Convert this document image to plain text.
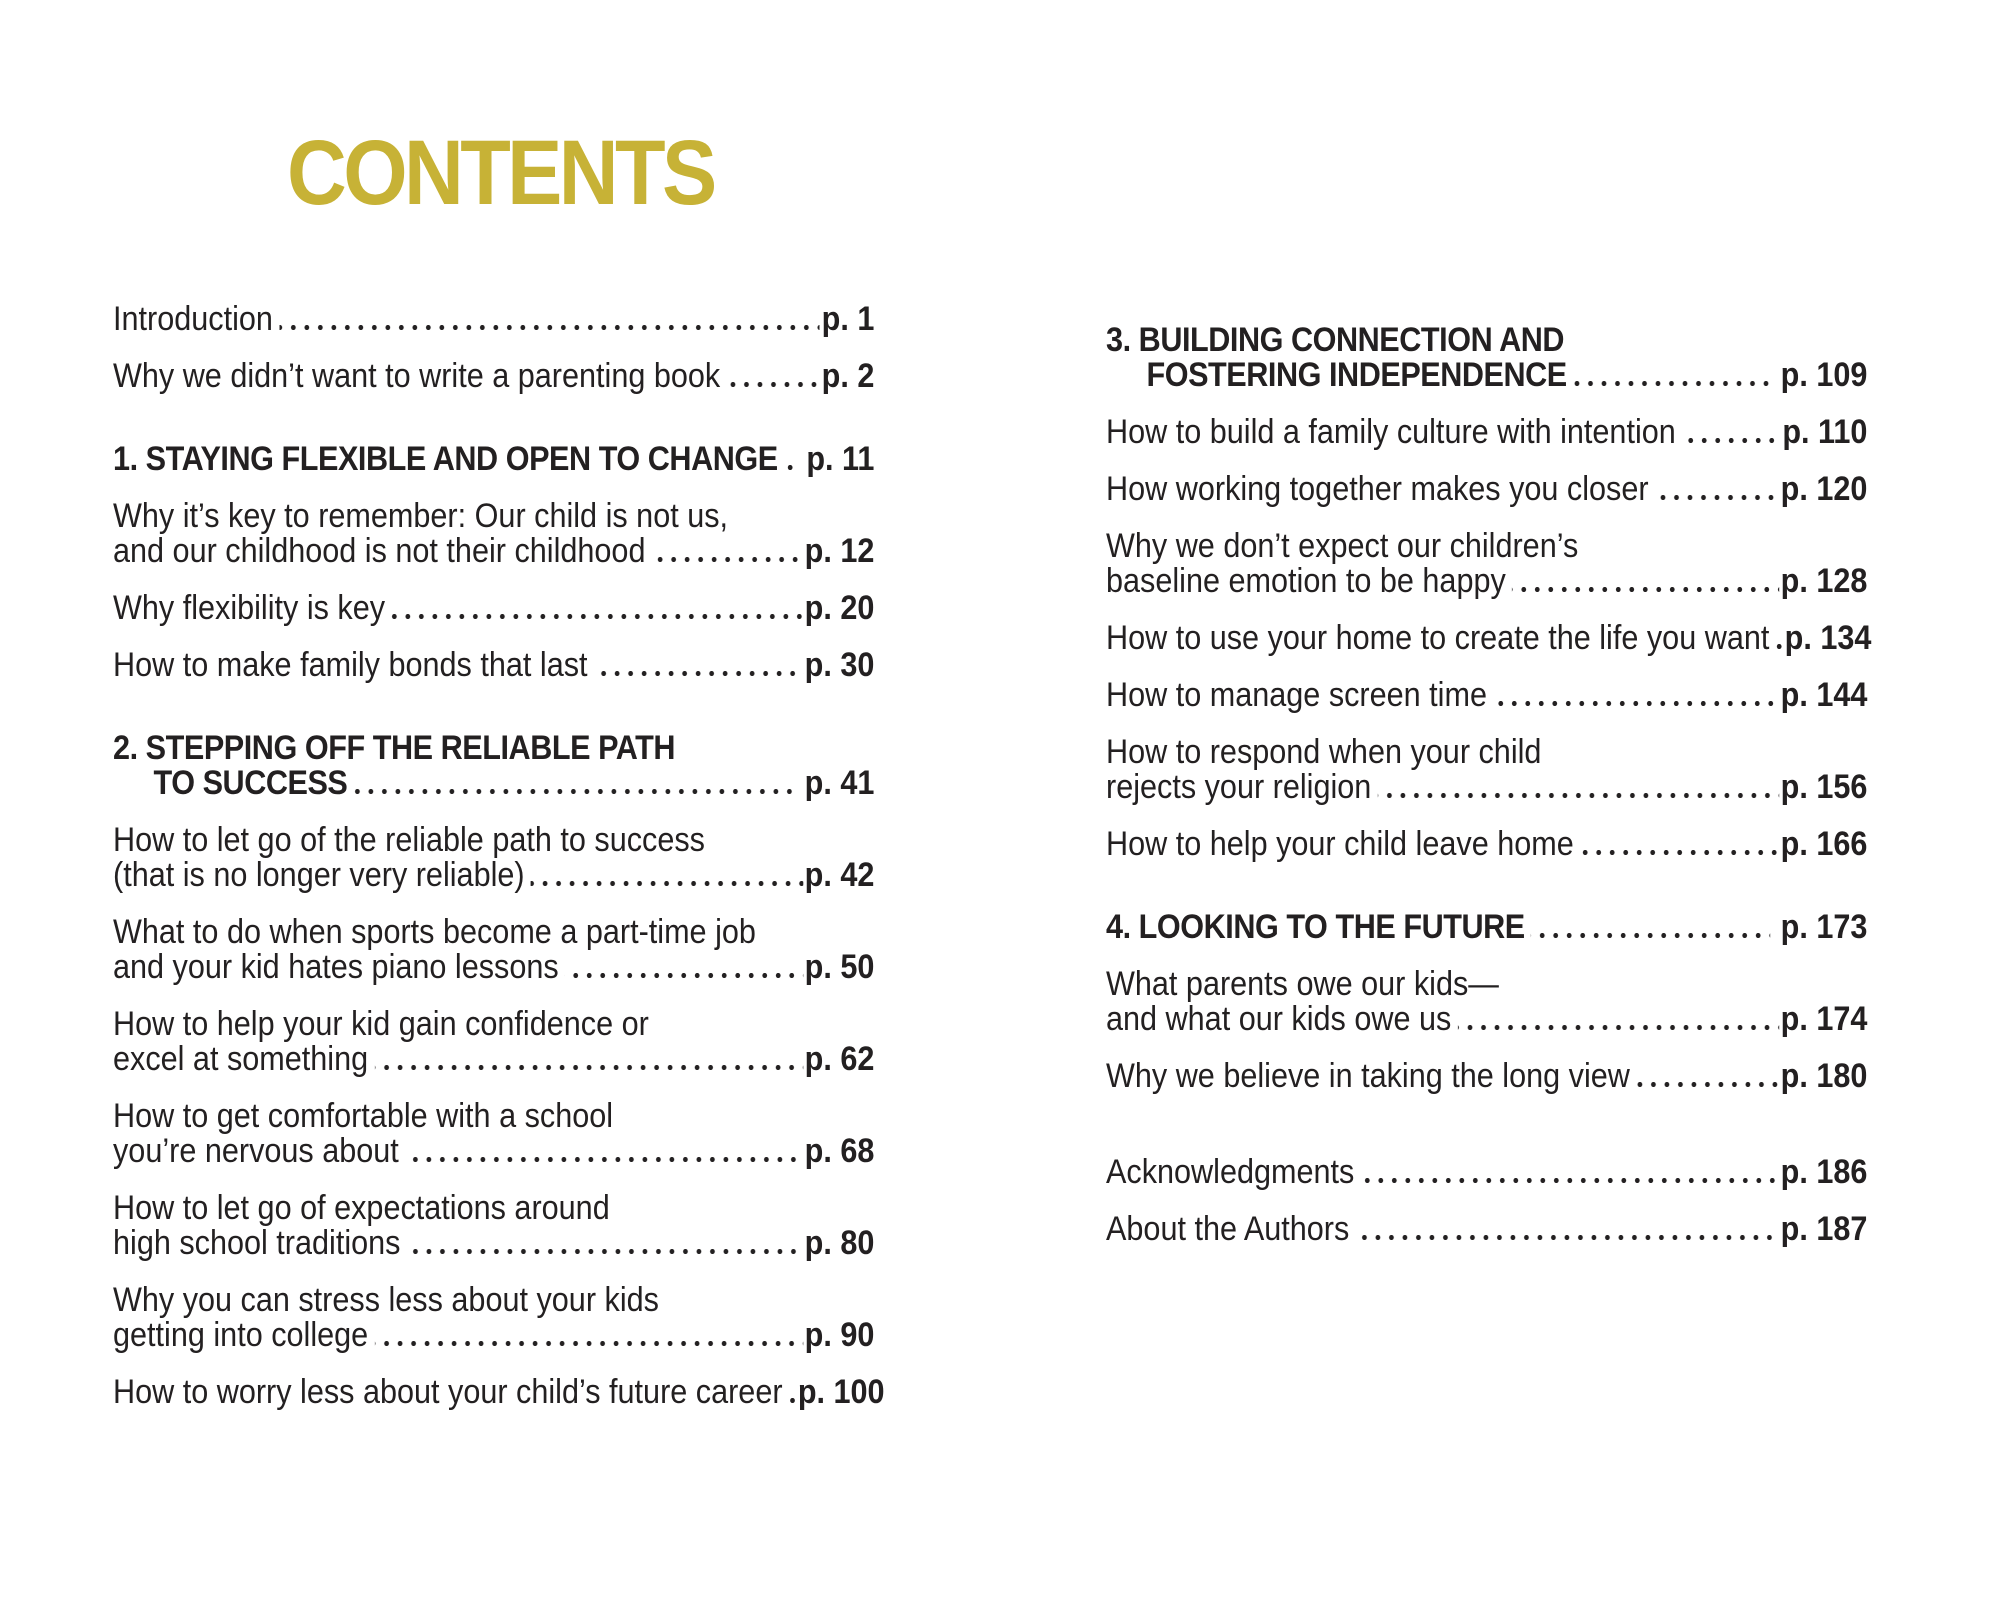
CONTENTS
Introduction	p. 1
Why we didn’t want to write a parenting book	p. 2
1. STAYING FLEXIBLE AND OPEN TO CHANGE p. 11
Why it’s key to remember: Our child is not us,
and our childhood is not their childhood	p. 12
Why flexibility is key	p. 20
How to make family bonds that last	p. 30
2. STEPPING OFF THE RELIABLE PATH
TO SUCCESS	p. 41
How to let go of the reliable path to success
(that is no longer very reliable)	p. 42
What to do when sports become a part-time job
and your kid hates piano lessons	p. 50
How to help your kid gain confidence or
excel at something	p. 62
How to get comfortable with a school
you’re nervous about	p. 68
How to let go of expectations around
high school traditions	p. 80
Why you can stress less about your kids
getting into college	p. 90
How to worry less about your child’s future career p. 100
3. BUILDING CONNECTION AND
FOSTERING INDEPENDENCE	p. 109
How to build a family culture with intention	p. 110
How working together makes you closer	p. 120
Why we don’t expect our children’s
baseline emotion to be happy	p. 128
How to use your home to create the life you want p. 134
How to manage screen time	p. 144
How to respond when your child
rejects your religion	p. 156
How to help your child leave home	p. 166
4. LOOKING TO THE FUTURE	p. 173
What parents owe our kids—
and what our kids owe us	p. 174
Why we believe in taking the long view	p. 180
Acknowledgments	p. 186
About the Authors	p. 187
